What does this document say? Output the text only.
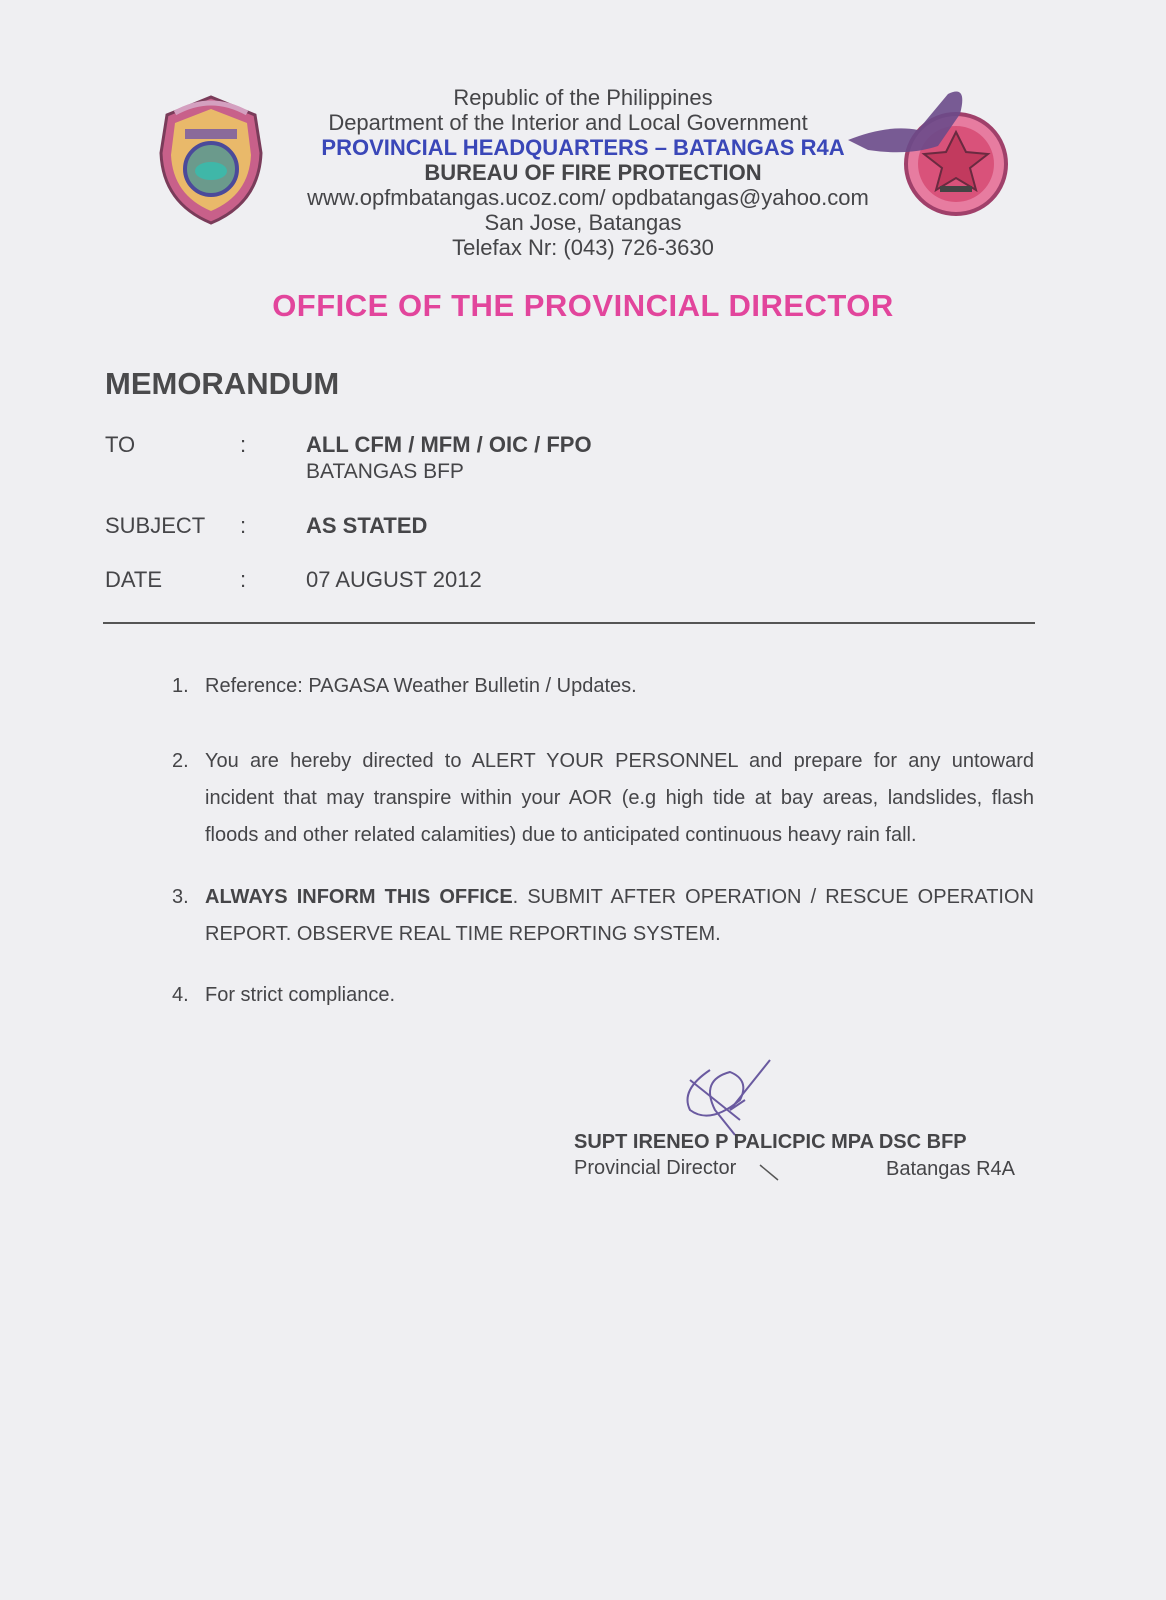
Republic of the Philippines
Department of the Interior and Local Government
PROVINCIAL HEADQUARTERS – BATANGAS R4A
BUREAU OF FIRE PROTECTION
www.opfmbatangas.ucoz.com/ opdbatangas@yahoo.com
San Jose, Batangas
Telefax Nr: (043) 726-3630
OFFICE OF THE PROVINCIAL DIRECTOR
MEMORANDUM
TO	:	ALL CFM / MFM / OIC / FPO
BATANGAS BFP
SUBJECT	:	AS STATED
DATE	:	07 AUGUST 2012
1. Reference: PAGASA Weather Bulletin / Updates.
2. You are hereby directed to ALERT YOUR PERSONNEL and prepare for any untoward incident that may transpire within your AOR (e.g high tide at bay areas, landslides, flash floods and other related calamities) due to anticipated continuous heavy rain fall.
3. ALWAYS INFORM THIS OFFICE. SUBMIT AFTER OPERATION / RESCUE OPERATION REPORT. OBSERVE REAL TIME REPORTING SYSTEM.
4. For strict compliance.
SUPT IRENEO P PALICPIC MPA DSC BFP
Provincial Director	Batangas R4A
